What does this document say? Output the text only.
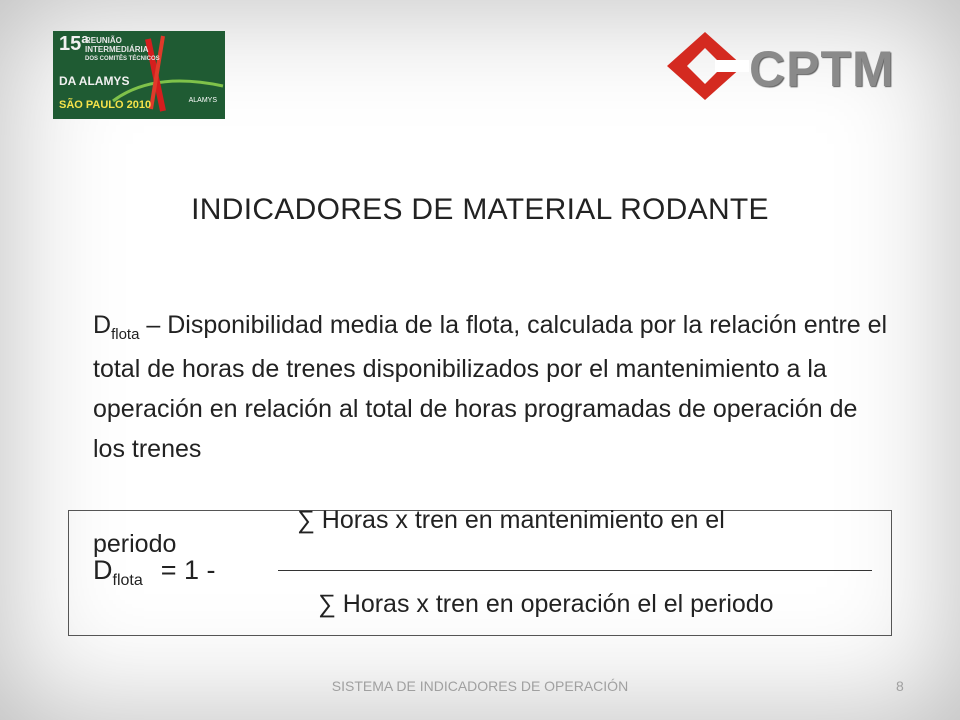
15ª
REUNIÃO
INTERMEDIÁRIA
DOS COMITÊS TÉCNICOS
DA ALAMYS
SÃO PAULO 2010	ALAMYS
CPTM
INDICADORES DE MATERIAL RODANTE
$D_{flota}$ – Disponibilidad media de la flota, calculada por la relación entre el total de horas de trenes disponibilizados por el mantenimiento a la operación en relación al total de horas programadas de operación de los trenes
∑ Horas x tren en mantenimiento en el
periodo
$D_{flota} = 1$ -
∑ Horas x tren en operación el el periodo
SISTEMA DE INDICADORES DE OPERACIÓN	8
